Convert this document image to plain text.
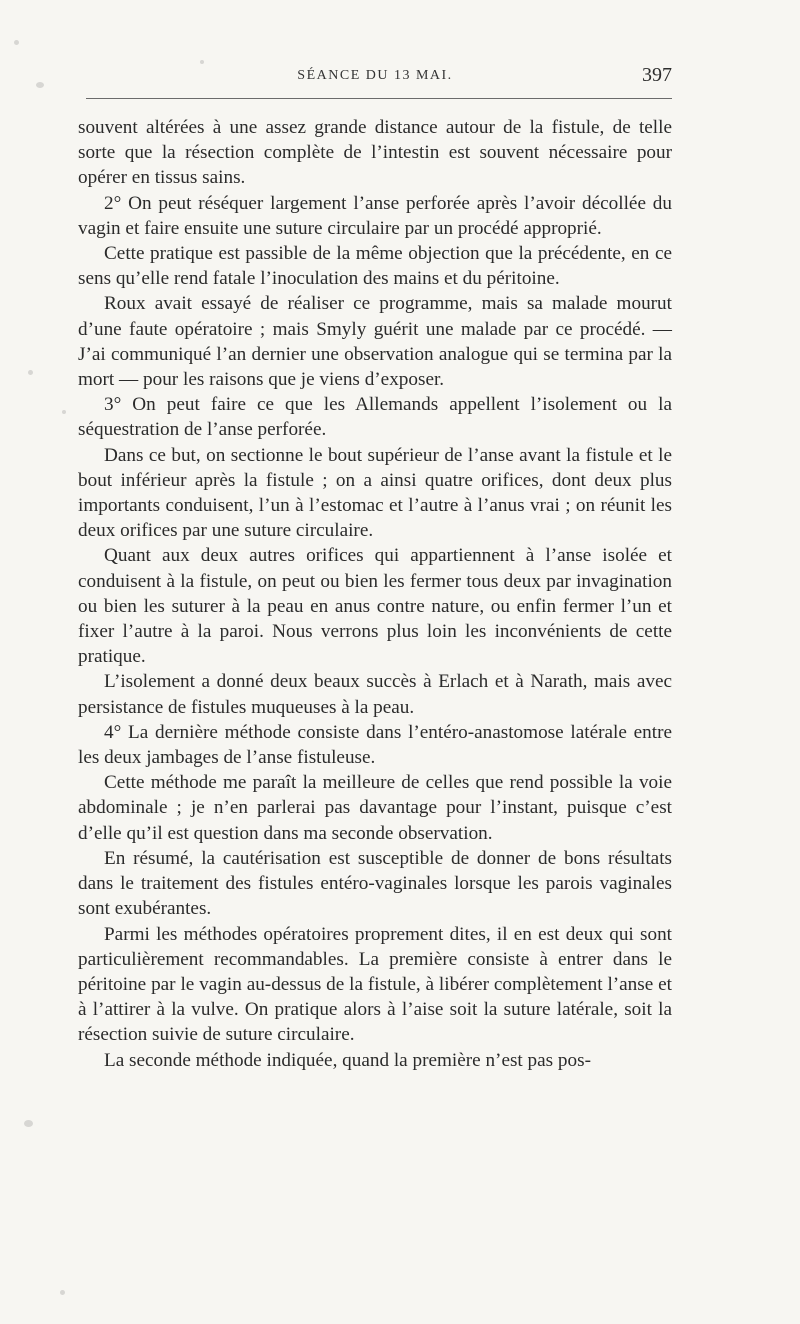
SÉANCE DU 13 MAI.	397

souvent altérées à une assez grande distance autour de la fistule, de telle sorte que la résection complète de l’intestin est souvent nécessaire pour opérer en tissus sains.

2° On peut réséquer largement l’anse perforée après l’avoir décollée du vagin et faire ensuite une suture circulaire par un procédé approprié.

Cette pratique est passible de la même objection que la précédente, en ce sens qu’elle rend fatale l’inoculation des mains et du péritoine.

Roux avait essayé de réaliser ce programme, mais sa malade mourut d’une faute opératoire ; mais Smyly guérit une malade par ce procédé. — J’ai communiqué l’an dernier une observation analogue qui se termina par la mort — pour les raisons que je viens d’exposer.

3° On peut faire ce que les Allemands appellent l’isolement ou la séquestration de l’anse perforée.

Dans ce but, on sectionne le bout supérieur de l’anse avant la fistule et le bout inférieur après la fistule ; on a ainsi quatre orifices, dont deux plus importants conduisent, l’un à l’estomac et l’autre à l’anus vrai ; on réunit les deux orifices par une suture circulaire.

Quant aux deux autres orifices qui appartiennent à l’anse isolée et conduisent à la fistule, on peut ou bien les fermer tous deux par invagination ou bien les suturer à la peau en anus contre nature, ou enfin fermer l’un et fixer l’autre à la paroi. Nous verrons plus loin les inconvénients de cette pratique.

L’isolement a donné deux beaux succès à Erlach et à Narath, mais avec persistance de fistules muqueuses à la peau.

4° La dernière méthode consiste dans l’entéro-anastomose latérale entre les deux jambages de l’anse fistuleuse.

Cette méthode me paraît la meilleure de celles que rend possible la voie abdominale ; je n’en parlerai pas davantage pour l’instant, puisque c’est d’elle qu’il est question dans ma seconde observation.

En résumé, la cautérisation est susceptible de donner de bons résultats dans le traitement des fistules entéro-vaginales lorsque les parois vaginales sont exubérantes.

Parmi les méthodes opératoires proprement dites, il en est deux qui sont particulièrement recommandables. La première consiste à entrer dans le péritoine par le vagin au-dessus de la fistule, à libérer complètement l’anse et à l’attirer à la vulve. On pratique alors à l’aise soit la suture latérale, soit la résection suivie de suture circulaire.

La seconde méthode indiquée, quand la première n’est pas pos-
